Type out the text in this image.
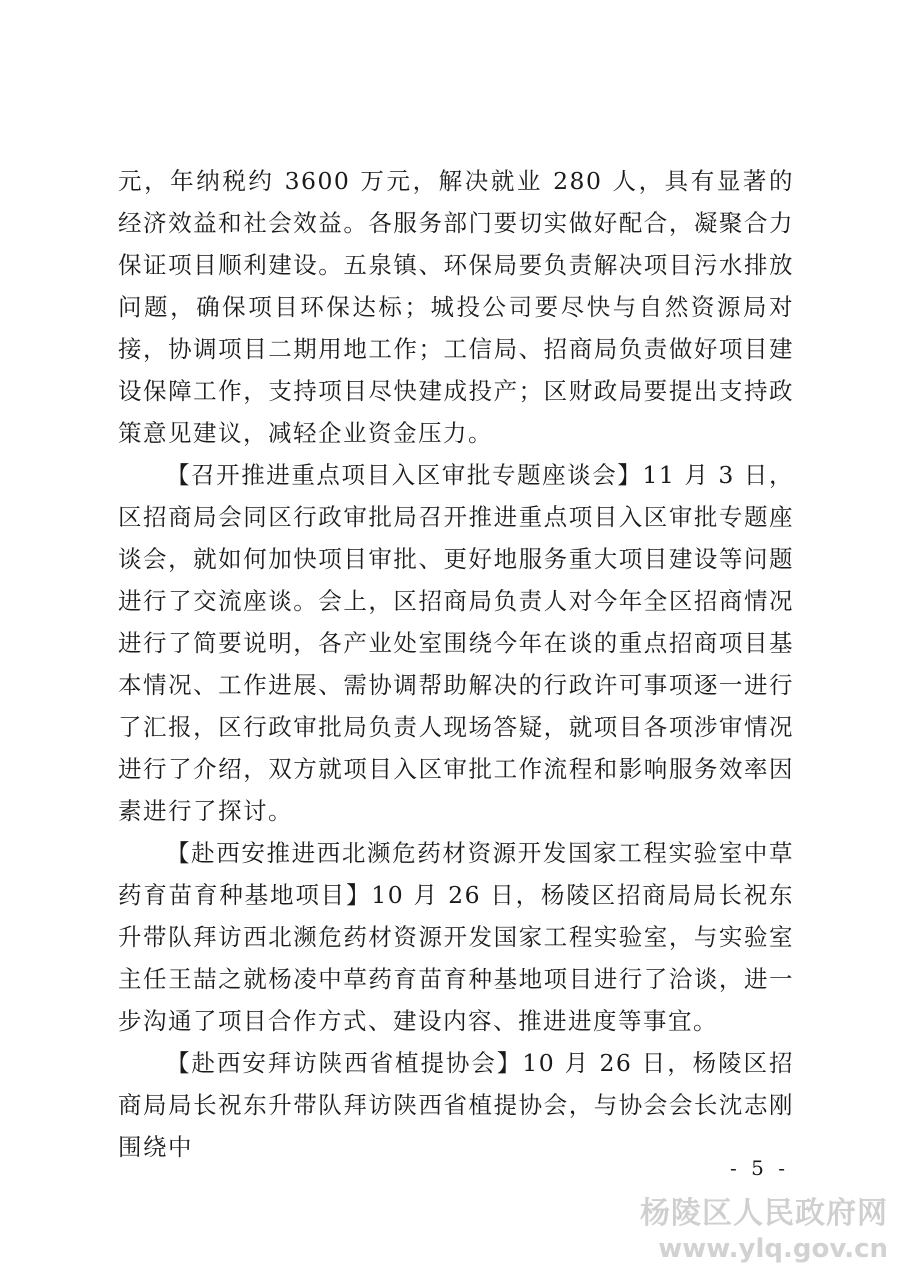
元，年纳税约 3600 万元，解决就业 280 人，具有显著的经济效益和社会效益。各服务部门要切实做好配合，凝聚合力保证项目顺利建设。五泉镇、环保局要负责解决项目污水排放问题，确保项目环保达标；城投公司要尽快与自然资源局对接，协调项目二期用地工作；工信局、招商局负责做好项目建设保障工作，支持项目尽快建成投产；区财政局要提出支持政策意见建议，减轻企业资金压力。

【召开推进重点项目入区审批专题座谈会】11 月 3 日，区招商局会同区行政审批局召开推进重点项目入区审批专题座谈会，就如何加快项目审批、更好地服务重大项目建设等问题进行了交流座谈。会上，区招商局负责人对今年全区招商情况进行了简要说明，各产业处室围绕今年在谈的重点招商项目基本情况、工作进展、需协调帮助解决的行政许可事项逐一进行了汇报，区行政审批局负责人现场答疑，就项目各项涉审情况进行了介绍，双方就项目入区审批工作流程和影响服务效率因素进行了探讨。

【赴西安推进西北濒危药材资源开发国家工程实验室中草药育苗育种基地项目】10 月 26 日，杨陵区招商局局长祝东升带队拜访西北濒危药材资源开发国家工程实验室，与实验室主任王喆之就杨凌中草药育苗育种基地项目进行了洽谈，进一步沟通了项目合作方式、建设内容、推进进度等事宜。

【赴西安拜访陕西省植提协会】10 月 26 日，杨陵区招商局局长祝东升带队拜访陕西省植提协会，与协会会长沈志刚围绕中

- 5 -
杨陵区人民政府网
www.ylq.gov.cn
